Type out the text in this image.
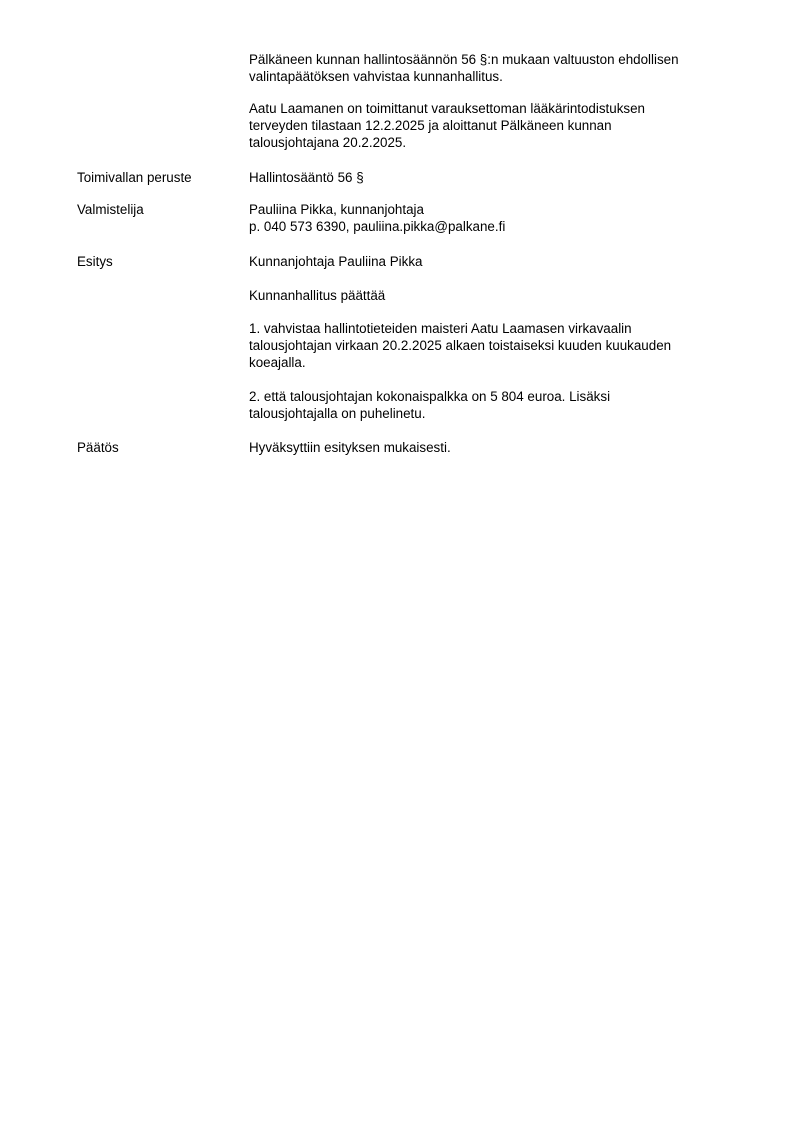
Pälkäneen kunnan hallintosäännön 56 §:n mukaan valtuuston ehdollisen
valintapäätöksen vahvistaa kunnanhallitus.
Aatu Laamanen on toimittanut varauksettoman lääkärintodistuksen
terveyden tilastaan 12.2.2025 ja aloittanut Pälkäneen kunnan
talousjohtajana 20.2.2025.
Toimivallan peruste	Hallintosääntö 56 §
Valmistelija	Pauliina Pikka, kunnanjohtaja
p. 040 573 6390, pauliina.pikka@palkane.fi
Esitys	Kunnanjohtaja Pauliina Pikka
Kunnanhallitus päättää
1. vahvistaa hallintotieteiden maisteri Aatu Laamasen virkavaalin
talousjohtajan virkaan 20.2.2025 alkaen toistaiseksi kuuden kuukauden
koeajalla.
2. että talousjohtajan kokonaispalkka on 5 804 euroa. Lisäksi
talousjohtajalla on puhelinetu.
Päätös	Hyväksyttiin esityksen mukaisesti.
